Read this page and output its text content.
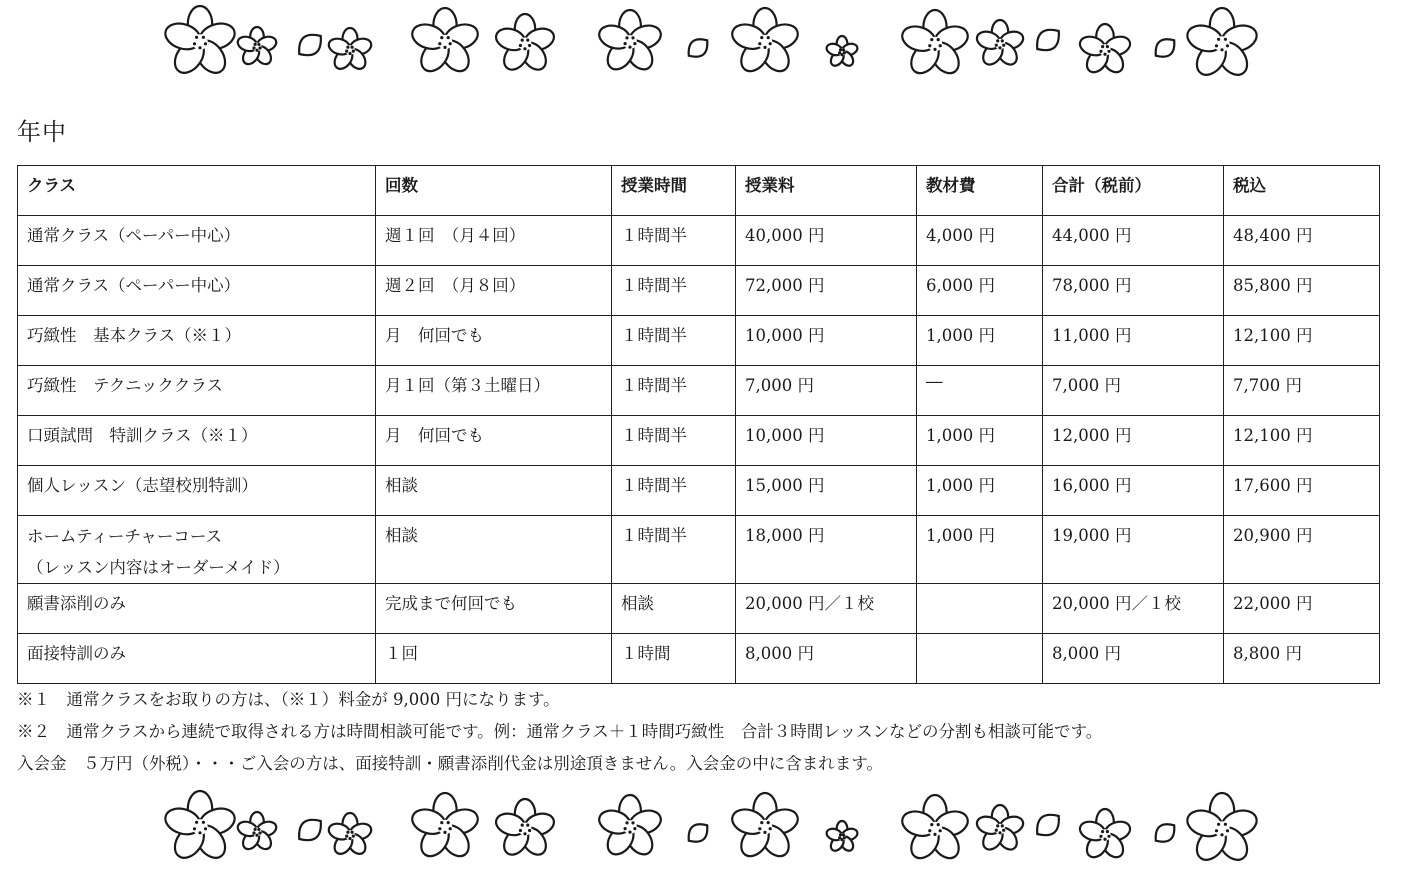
年中
クラス	回数	授業時間	授業料	教材費	合計（税前）	税込
通常クラス（ペーパー中心）	週１回　（月４回）	１時間半	40,000 円	4,000 円	44,000 円	48,400 円
通常クラス（ペーパー中心）	週２回　（月８回）	１時間半	72,000 円	6,000 円	78,000 円	85,800 円
巧緻性　基本クラス（※１）	月　何回でも	１時間半	10,000 円	1,000 円	11,000 円	12,100 円
巧緻性　テクニッククラス	月１回（第３土曜日）	１時間半	7,000 円	―	7,000 円	7,700 円
口頭試問　特訓クラス（※１）	月　何回でも	１時間半	10,000 円	1,000 円	12,000 円	12,100 円
個人レッスン（志望校別特訓）	相談	１時間半	15,000 円	1,000 円	16,000 円	17,600 円

ホームティーチャーコース
（レッスン内容はオーダーメイド）	相談	１時間半	18,000 円	1,000 円	19,000 円	20,900 円
願書添削のみ	完成まで何回でも	相談	20,000 円／１校		20,000 円／１校	22,000 円
面接特訓のみ	１回	１時間	8,000 円		8,000 円	8,800 円
※１　通常クラスをお取りの方は、（※１）料金が 9,000 円になります。
※２　通常クラスから連続で取得される方は時間相談可能です。例：通常クラス＋１時間巧緻性　合計３時間レッスンなどの分割も相談可能です。
入会金　５万円（外税）・・・ご入会の方は、面接特訓・願書添削代金は別途頂きません。入会金の中に含まれます。
